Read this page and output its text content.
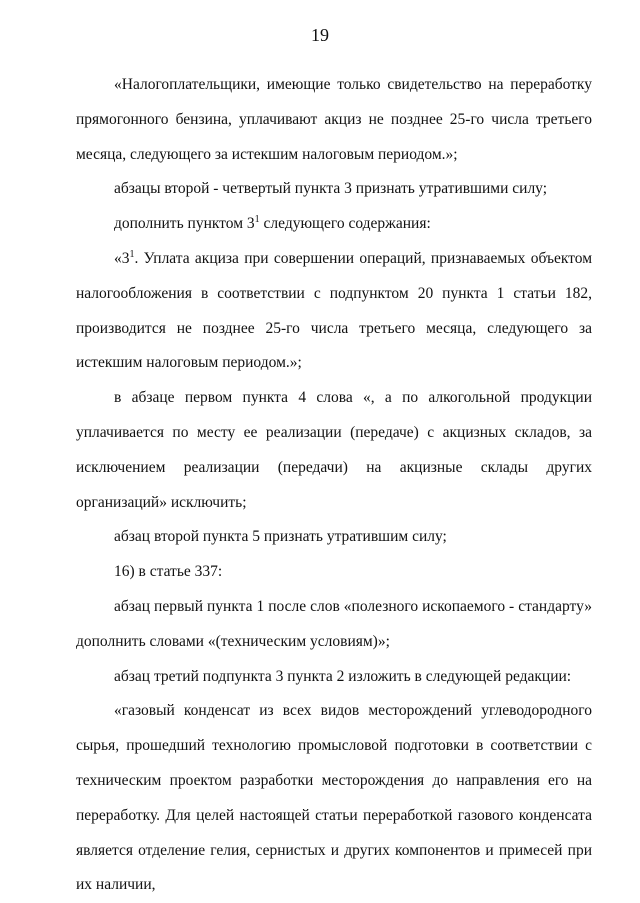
19

«Налогоплательщики, имеющие только свидетельство на переработку прямогонного бензина, уплачивают акциз не позднее 25-го числа третьего месяца, следующего за истекшим налоговым периодом.»;

абзацы второй - четвертый пункта 3 признать утратившими силу;

дополнить пунктом $3^1$ следующего содержания:

«$3^1$. Уплата акциза при совершении операций, признаваемых объектом налогообложения в соответствии с подпунктом 20 пункта 1 статьи 182, производится не позднее 25-го числа третьего месяца, следующего за истекшим налоговым периодом.»;

в абзаце первом пункта 4 слова «, а по алкогольной продукции уплачивается по месту ее реализации (передаче) с акцизных складов, за исключением реализации (передачи) на акцизные склады других организаций» исключить;

абзац второй пункта 5 признать утратившим силу;

16) в статье 337:

абзац первый пункта 1 после слов «полезного ископаемого - стандарту» дополнить словами «(техническим условиям)»;

абзац третий подпункта 3 пункта 2 изложить в следующей редакции:

«газовый конденсат из всех видов месторождений углеводородного сырья, прошедший технологию промысловой подготовки в соответствии с техническим проектом разработки месторождения до направления его на переработку. Для целей настоящей статьи переработкой газового конденсата является отделение гелия, сернистых и других компонентов и примесей при их наличии,
